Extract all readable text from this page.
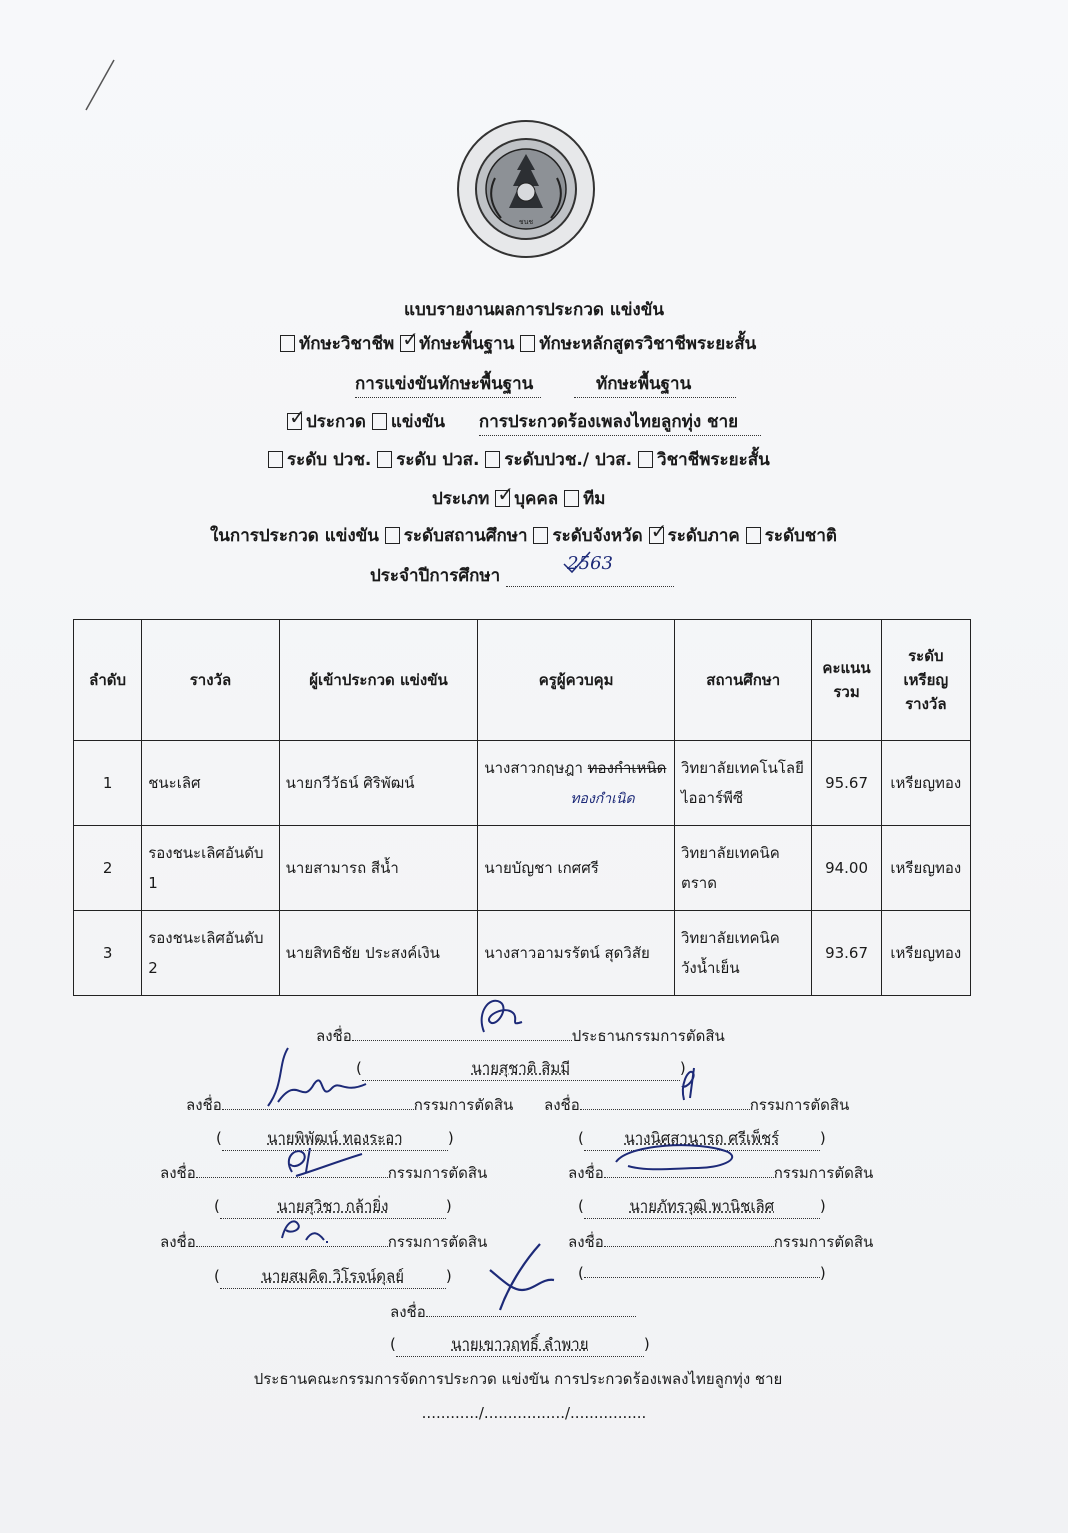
ชนช
แบบรายงานผลการประกวด แข่งขัน
ทักษะวิชาชีพ ✓ ทักษะพื้นฐาน ทักษะหลักสูตรวิชาชีพระยะสั้น
การแข่งขันทักษะพื้นฐาน	ทักษะพื้นฐาน
✓ประกวด แข่งขัน การประกวดร้องเพลงไทยลูกทุ่ง ชาย
ระดับ ปวช. ระดับ ปวส. ระดับปวช./ ปวส. วิชาชีพระยะสั้น
ประเภท ✓ บุคคล ทีม
ในการประกวด แข่งขัน ระดับสถานศึกษา ระดับจังหวัด ✓ ระดับภาค ระดับชาติ
ประจำปีการศึกษา 2563
ลำดับ	รางวัล	ผู้เข้าประกวด แข่งขัน	ครูผู้ควบคุม	สถานศึกษา	คะแนน รวม	ระดับ เหรียญ รางวัล
1	ชนะเลิศ	นายกวีวัธน์ ศิริพัฒน์	นางสาวกฤษฎา ทองกำเหนิด
ทองกำเนิด	วิทยาลัยเทคโนโลยีไออาร์พีซี	95.67	เหรียญทอง
2	รองชนะเลิศอันดับ 1	นายสามารถ สีน้ำ	นายบัญชา เกศศรี	วิทยาลัยเทคนิคตราด	94.00	เหรียญทอง
3	รองชนะเลิศอันดับ 2	นายสิทธิชัย ประสงค์เงิน	นางสาวอามรรัตน์ สุดวิสัย	วิทยาลัยเทคนิควังน้ำเย็น	93.67	เหรียญทอง
ลงชื่อ	ประธานกรรมการตัดสิน
(	นายสุชาติ สิมมี	)
ลงชื่อ	กรรมการตัดสิน ลงชื่อ	กรรมการตัดสิน
(	นายพิพัฒน์ ทองระอา	)	(	นางนิศสานารถ ศรีเพ็ชร์	)
ลงชื่อ	กรรมการตัดสิน	ลงชื่อ	กรรมการตัดสิน
(	นายสุวิชา กล้ายิ่ง	)	(	นายภัทรวุฒิ พานิชเลิศ	)
ลงชื่อ	กรรมการตัดสิน	ลงชื่อ	กรรมการตัดสิน
(	นายสมคิด วิโรจน์ดุลย์	)	(	)
ลงชื่อ
(	นายเขาวฤทธิ์ ลำพาย	)
ประธานคณะกรรมการจัดการประกวด แข่งขัน การประกวดร้องเพลงไทยลูกทุ่ง ชาย
............/................./................
